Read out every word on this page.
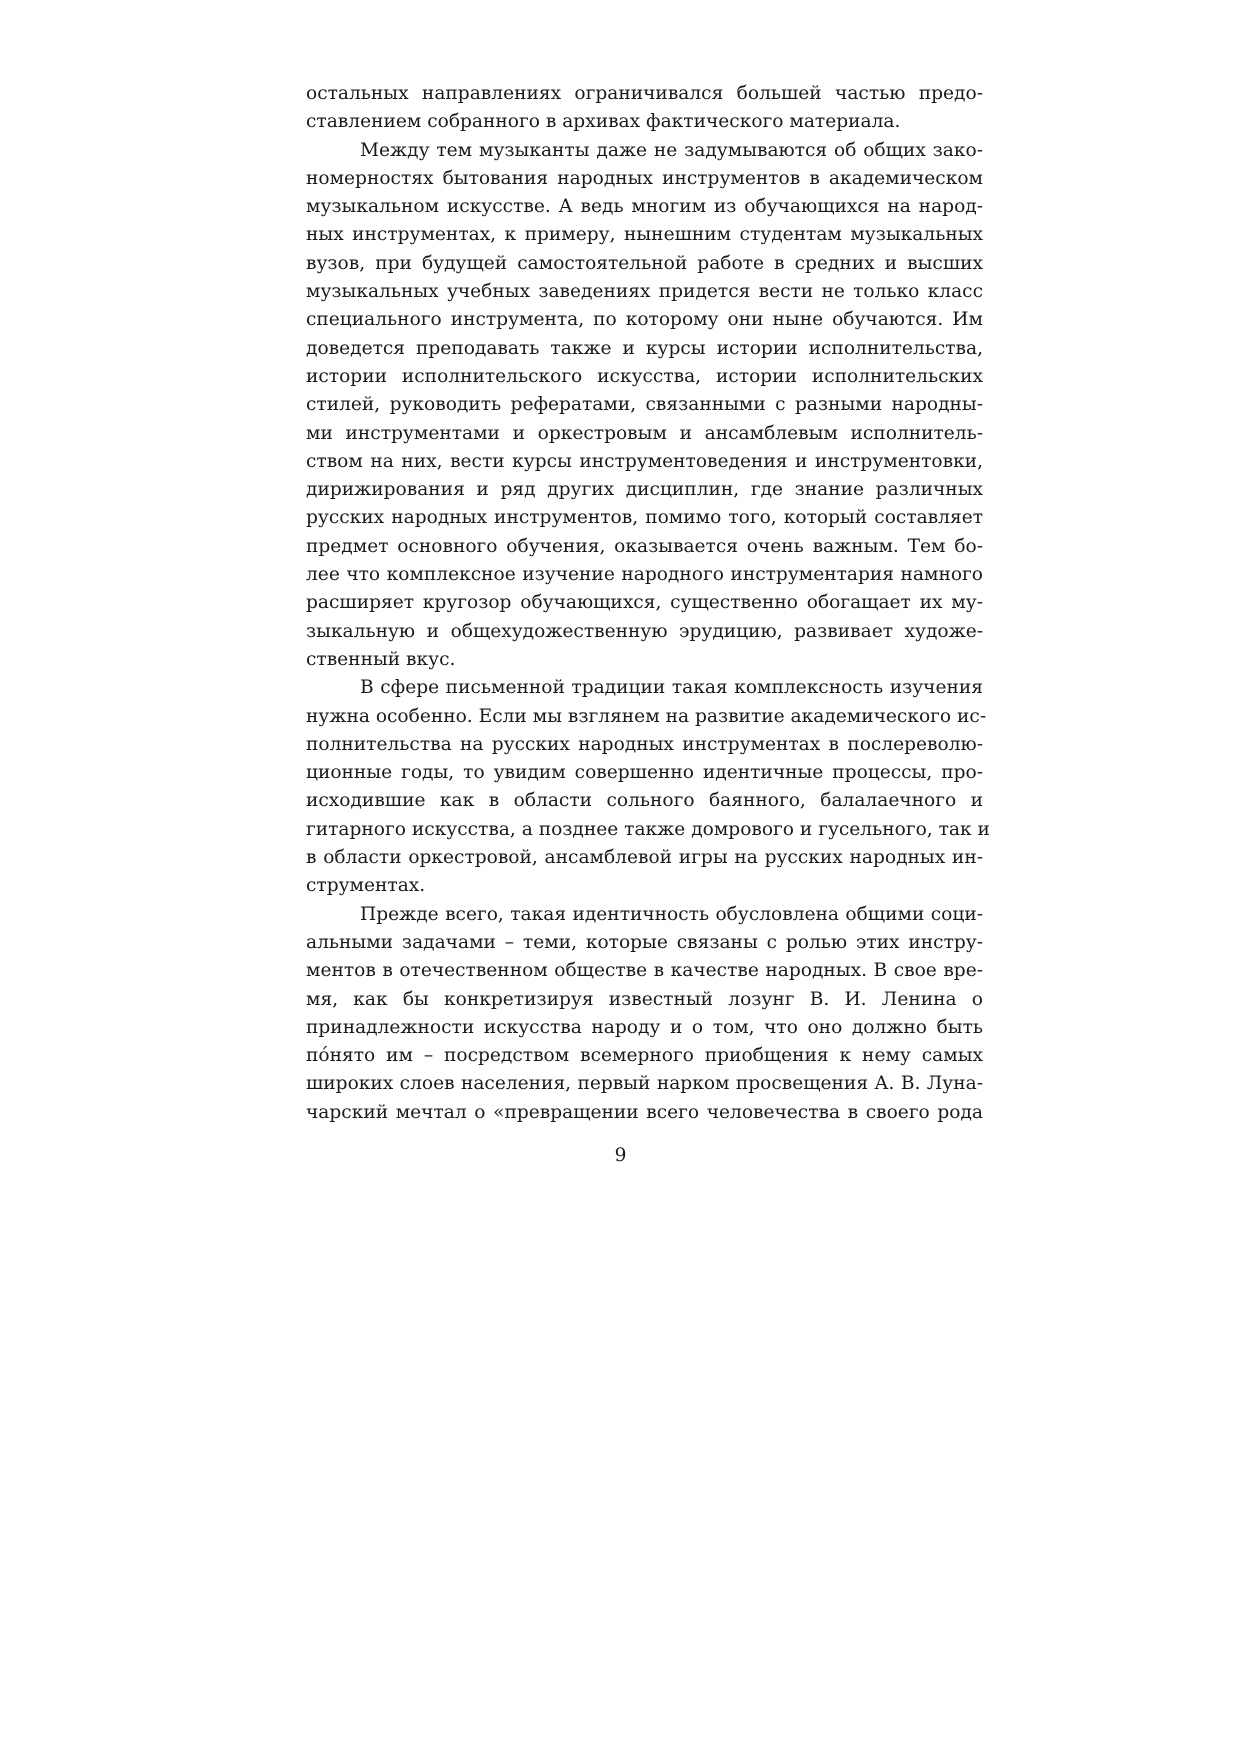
остальных направлениях ограничивался большей частью предо-
ставлением собранного в архивах фактического материала.
Между тем музыканты даже не задумываются об общих зако-
номерностях бытования народных инструментов в академическом
музыкальном искусстве. А ведь многим из обучающихся на народ-
ных инструментах, к примеру, нынешним студентам музыкальных
вузов, при будущей самостоятельной работе в средних и высших
музыкальных учебных заведениях придется вести не только класс
специального инструмента, по которому они ныне обучаются. Им
доведется преподавать также и курсы истории исполнительства,
истории исполнительского искусства, истории исполнительских
стилей, руководить рефератами, связанными с разными народны-
ми инструментами и оркестровым и ансамблевым исполнитель-
ством на них, вести курсы инструментоведения и инструментовки,
дирижирования и ряд других дисциплин, где знание различных
русских народных инструментов, помимо того, который составляет
предмет основного обучения, оказывается очень важным. Тем бо-
лее что комплексное изучение народного инструментария намного
расширяет кругозор обучающихся, существенно обогащает их му-
зыкальную и общехудожественную эрудицию, развивает художе-
ственный вкус.
В сфере письменной традиции такая комплексность изучения
нужна особенно. Если мы взглянем на развитие академического ис-
полнительства на русских народных инструментах в послереволю-
ционные годы, то увидим совершенно идентичные процессы, про-
исходившие как в области сольного баянного, балалаечного и
гитарного искусства, а позднее также домрового и гусельного, так и
в области оркестровой, ансамблевой игры на русских народных ин-
струментах.
Прежде всего, такая идентичность обусловлена общими соци-
альными задачами – теми, которые связаны с ролью этих инстру-
ментов в отечественном обществе в качестве народных. В свое вре-
мя, как бы конкретизируя известный лозунг В. И. Ленина о
принадлежности искусства народу и о том, что оно должно быть
пóнято им – посредством всемерного приобщения к нему самых
широких слоев населения, первый нарком просвещения А. В. Луна-
чарский мечтал о «превращении всего человечества в своего рода
9
